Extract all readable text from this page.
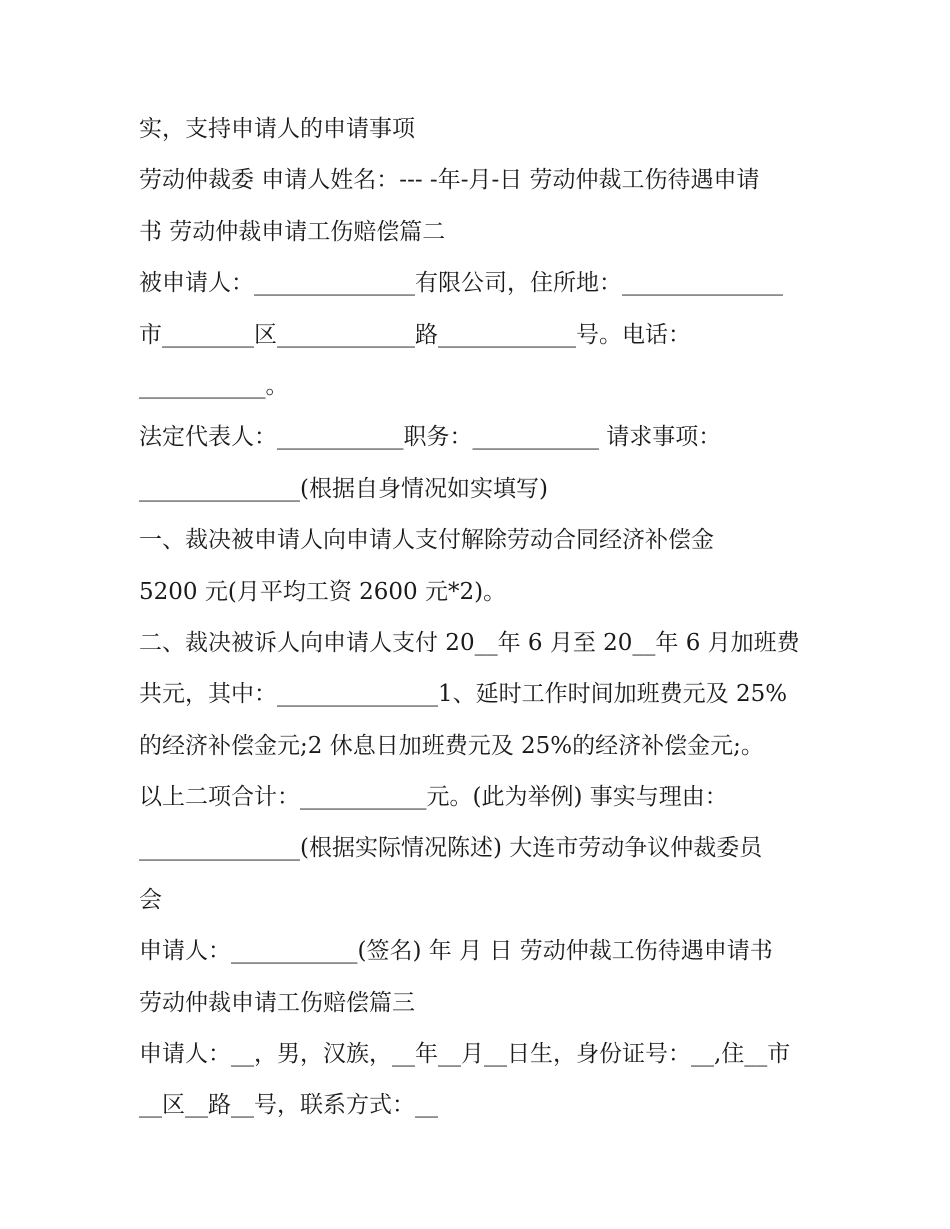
实，支持申请人的申请事项
劳动仲裁委 申请人姓名：--- -年-月-日 劳动仲裁工伤待遇申请
书 劳动仲裁申请工伤赔偿篇二
被申请人：______________有限公司，住所地：______________
市________区____________路____________号。电话：
___________。
法定代表人：___________职务：___________ 请求事项：
______________(根据自身情况如实填写)
一、裁决被申请人向申请人支付解除劳动合同经济补偿金
5200 元(月平均工资 2600 元*2)。
二、裁决被诉人向申请人支付 20__年 6 月至 20__年 6 月加班费
共元，其中：______________1、延时工作时间加班费元及 25%
的经济补偿金元;2 休息日加班费元及 25%的经济补偿金元;。
以上二项合计：___________元。(此为举例) 事实与理由：
______________(根据实际情况陈述) 大连市劳动争议仲裁委员
会
申请人：___________(签名) 年 月 日 劳动仲裁工伤待遇申请书
劳动仲裁申请工伤赔偿篇三
申请人：__，男，汉族，__年__月__日生，身份证号：__,住__市
__区__路__号，联系方式：__
